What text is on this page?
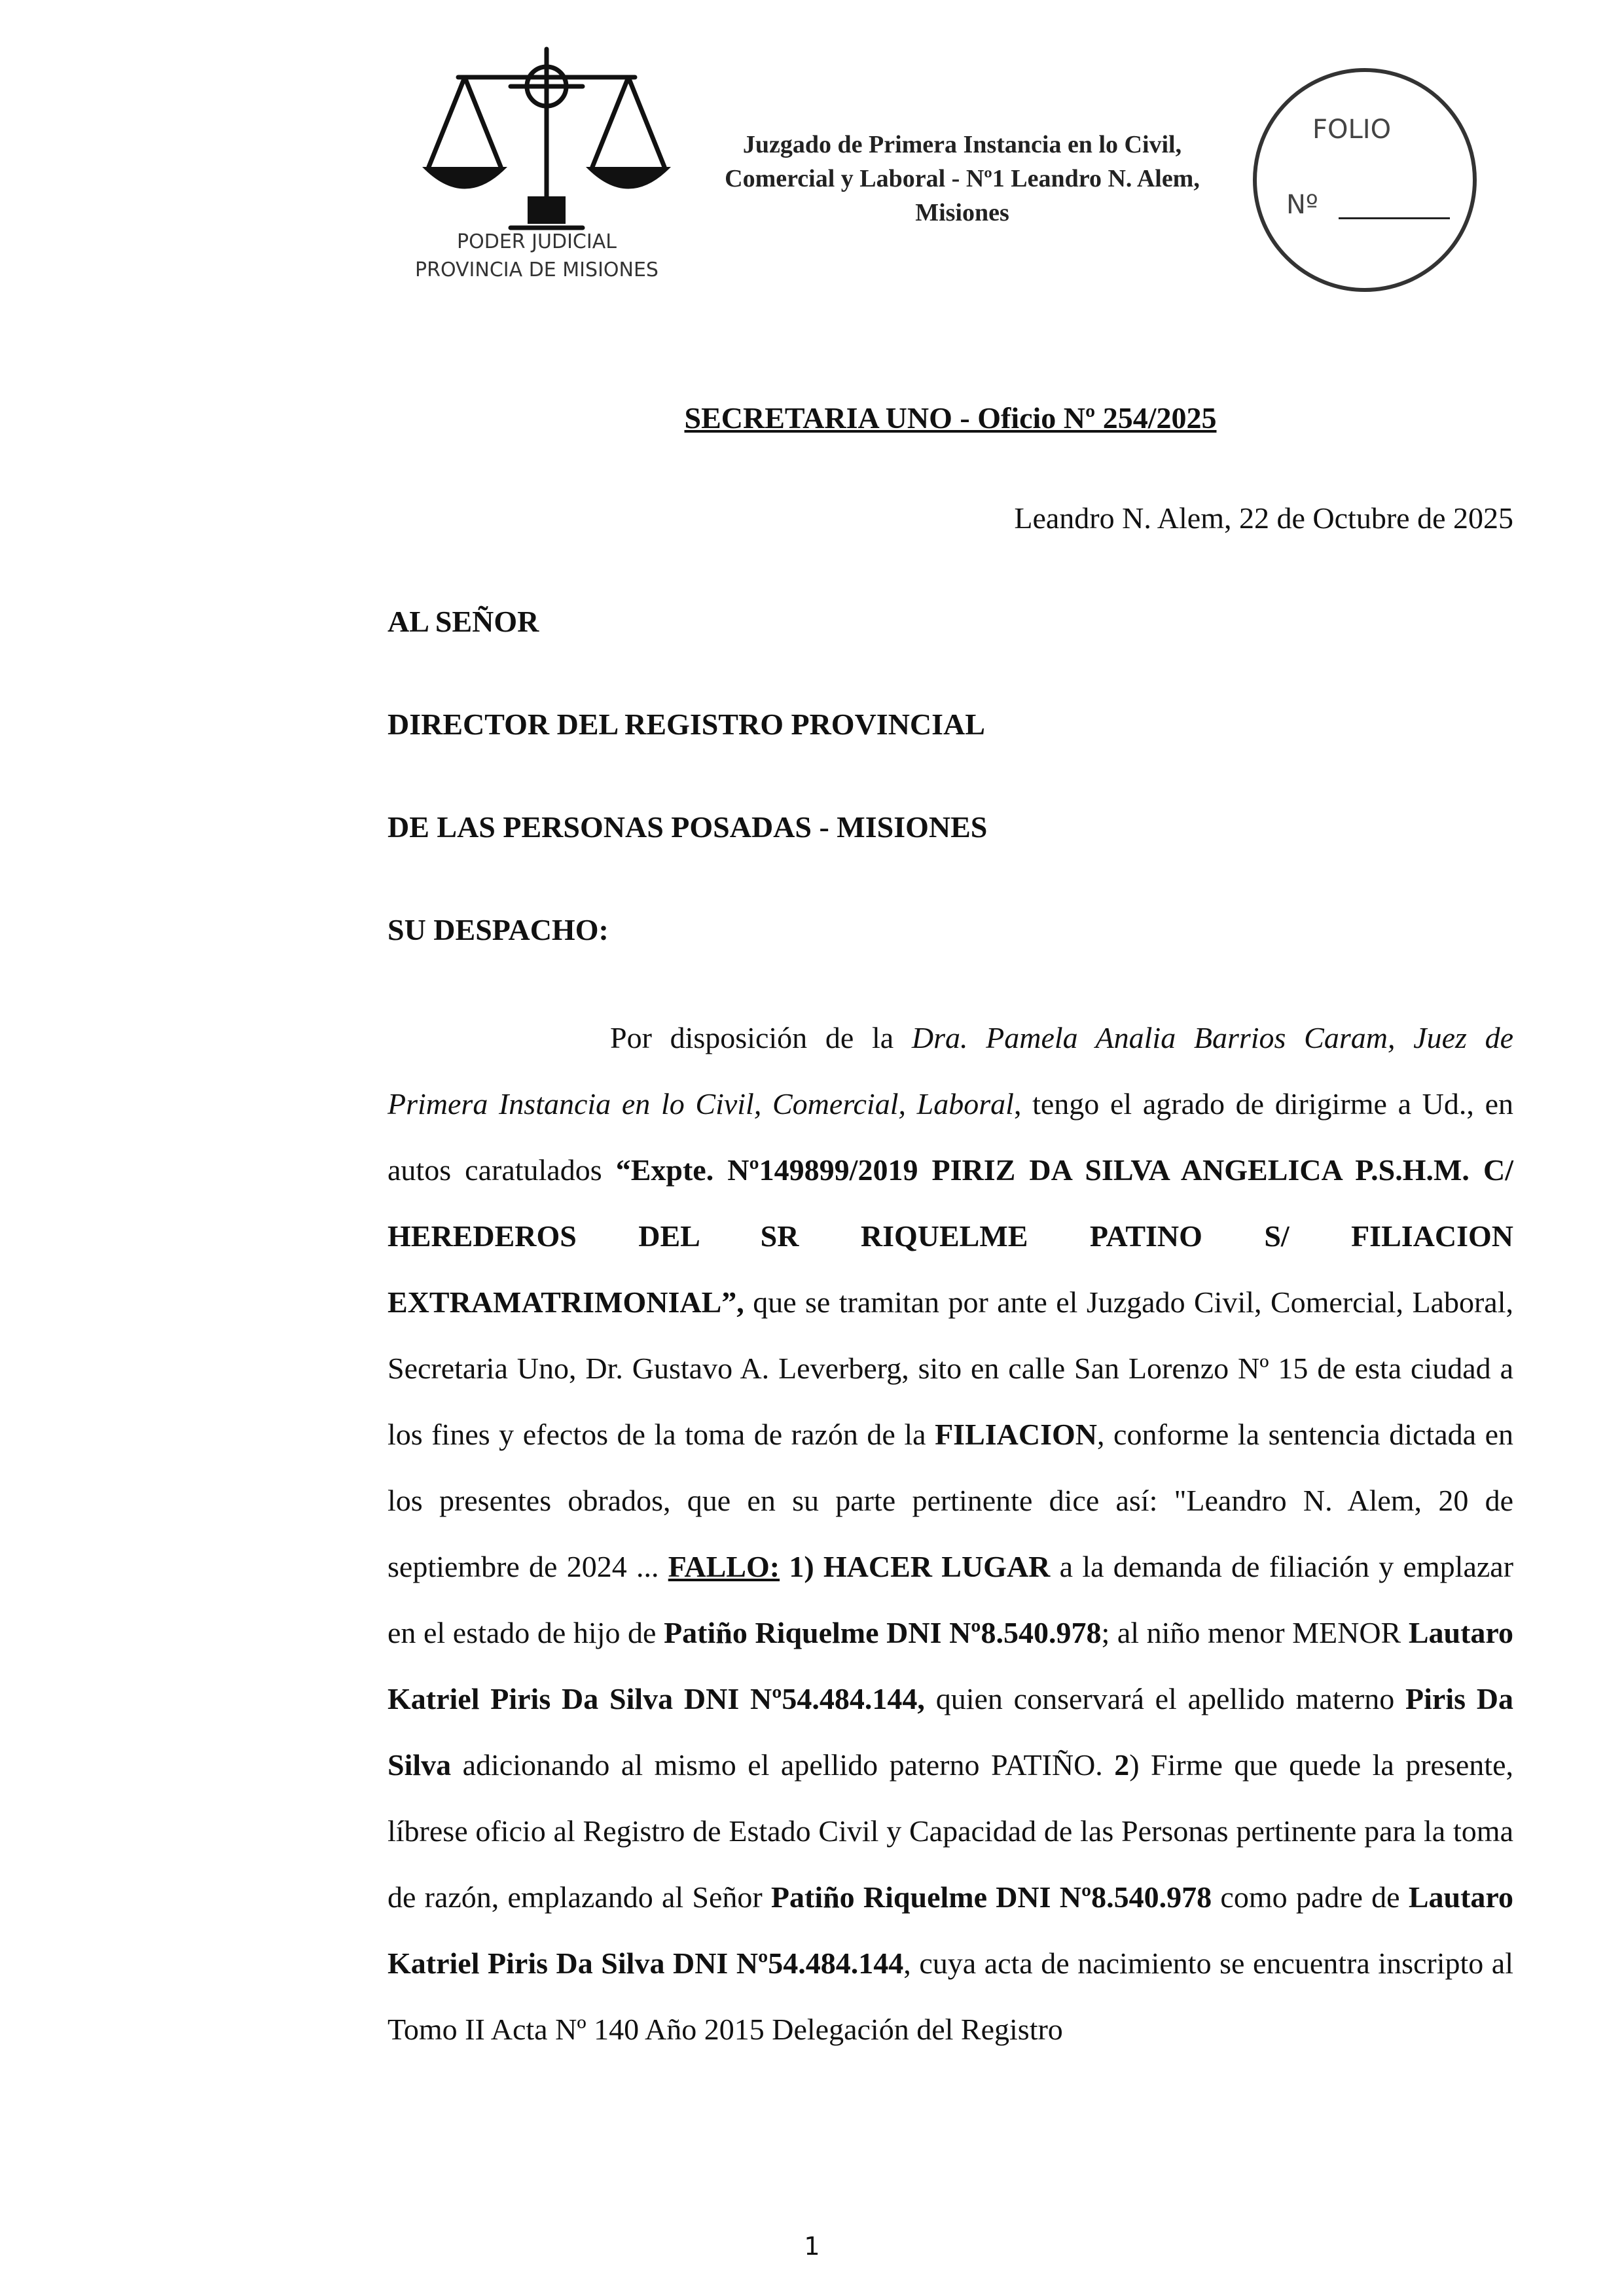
PODER JUDICIAL
PROVINCIA DE MISIONES
Juzgado de Primera Instancia en lo Civil,
Comercial y Laboral - Nº1 Leandro N. Alem,
Misiones
FOLIO
Nº
SECRETARIA UNO - Oficio Nº 254/2025
Leandro N. Alem, 22 de Octubre de 2025
AL SEÑOR
DIRECTOR DEL REGISTRO PROVINCIAL
DE LAS PERSONAS POSADAS - MISIONES
SU DESPACHO:
Por disposición de la Dra. Pamela Analia Barrios Caram, Juez de Primera Instancia en lo Civil, Comercial, Laboral, tengo el agrado de dirigirme a Ud., en autos caratulados “Expte. Nº149899/2019 PIRIZ DA SILVA ANGELICA P.S.H.M. C/ HEREDEROS DEL SR RIQUELME PATINO S/ FILIACION EXTRAMATRIMONIAL”, que se tramitan por ante el Juzgado Civil, Comercial, Laboral, Secretaria Uno, Dr. Gustavo A. Leverberg, sito en calle San Lorenzo Nº 15 de esta ciudad a los fines y efectos de la toma de razón de la FILIACION, conforme la sentencia dictada en los presentes obrados, que en su parte pertinente dice así: "Leandro N. Alem, 20 de septiembre de 2024 ... FALLO: 1) HACER LUGAR a la demanda de filiación y emplazar en el estado de hijo de Patiño Riquelme DNI Nº8.540.978; al niño menor MENOR Lautaro Katriel Piris Da Silva DNI Nº54.484.144, quien conservará el apellido materno Piris Da Silva adicionando al mismo el apellido paterno PATIÑO. 2) Firme que quede la presente, líbrese oficio al Registro de Estado Civil y Capacidad de las Personas pertinente para la toma de razón, emplazando al Señor Patiño Riquelme DNI Nº8.540.978 como padre de Lautaro Katriel Piris Da Silva DNI Nº54.484.144, cuya acta de nacimiento se encuentra inscripto al Tomo II Acta Nº 140 Año 2015 Delegación del Registro
1
